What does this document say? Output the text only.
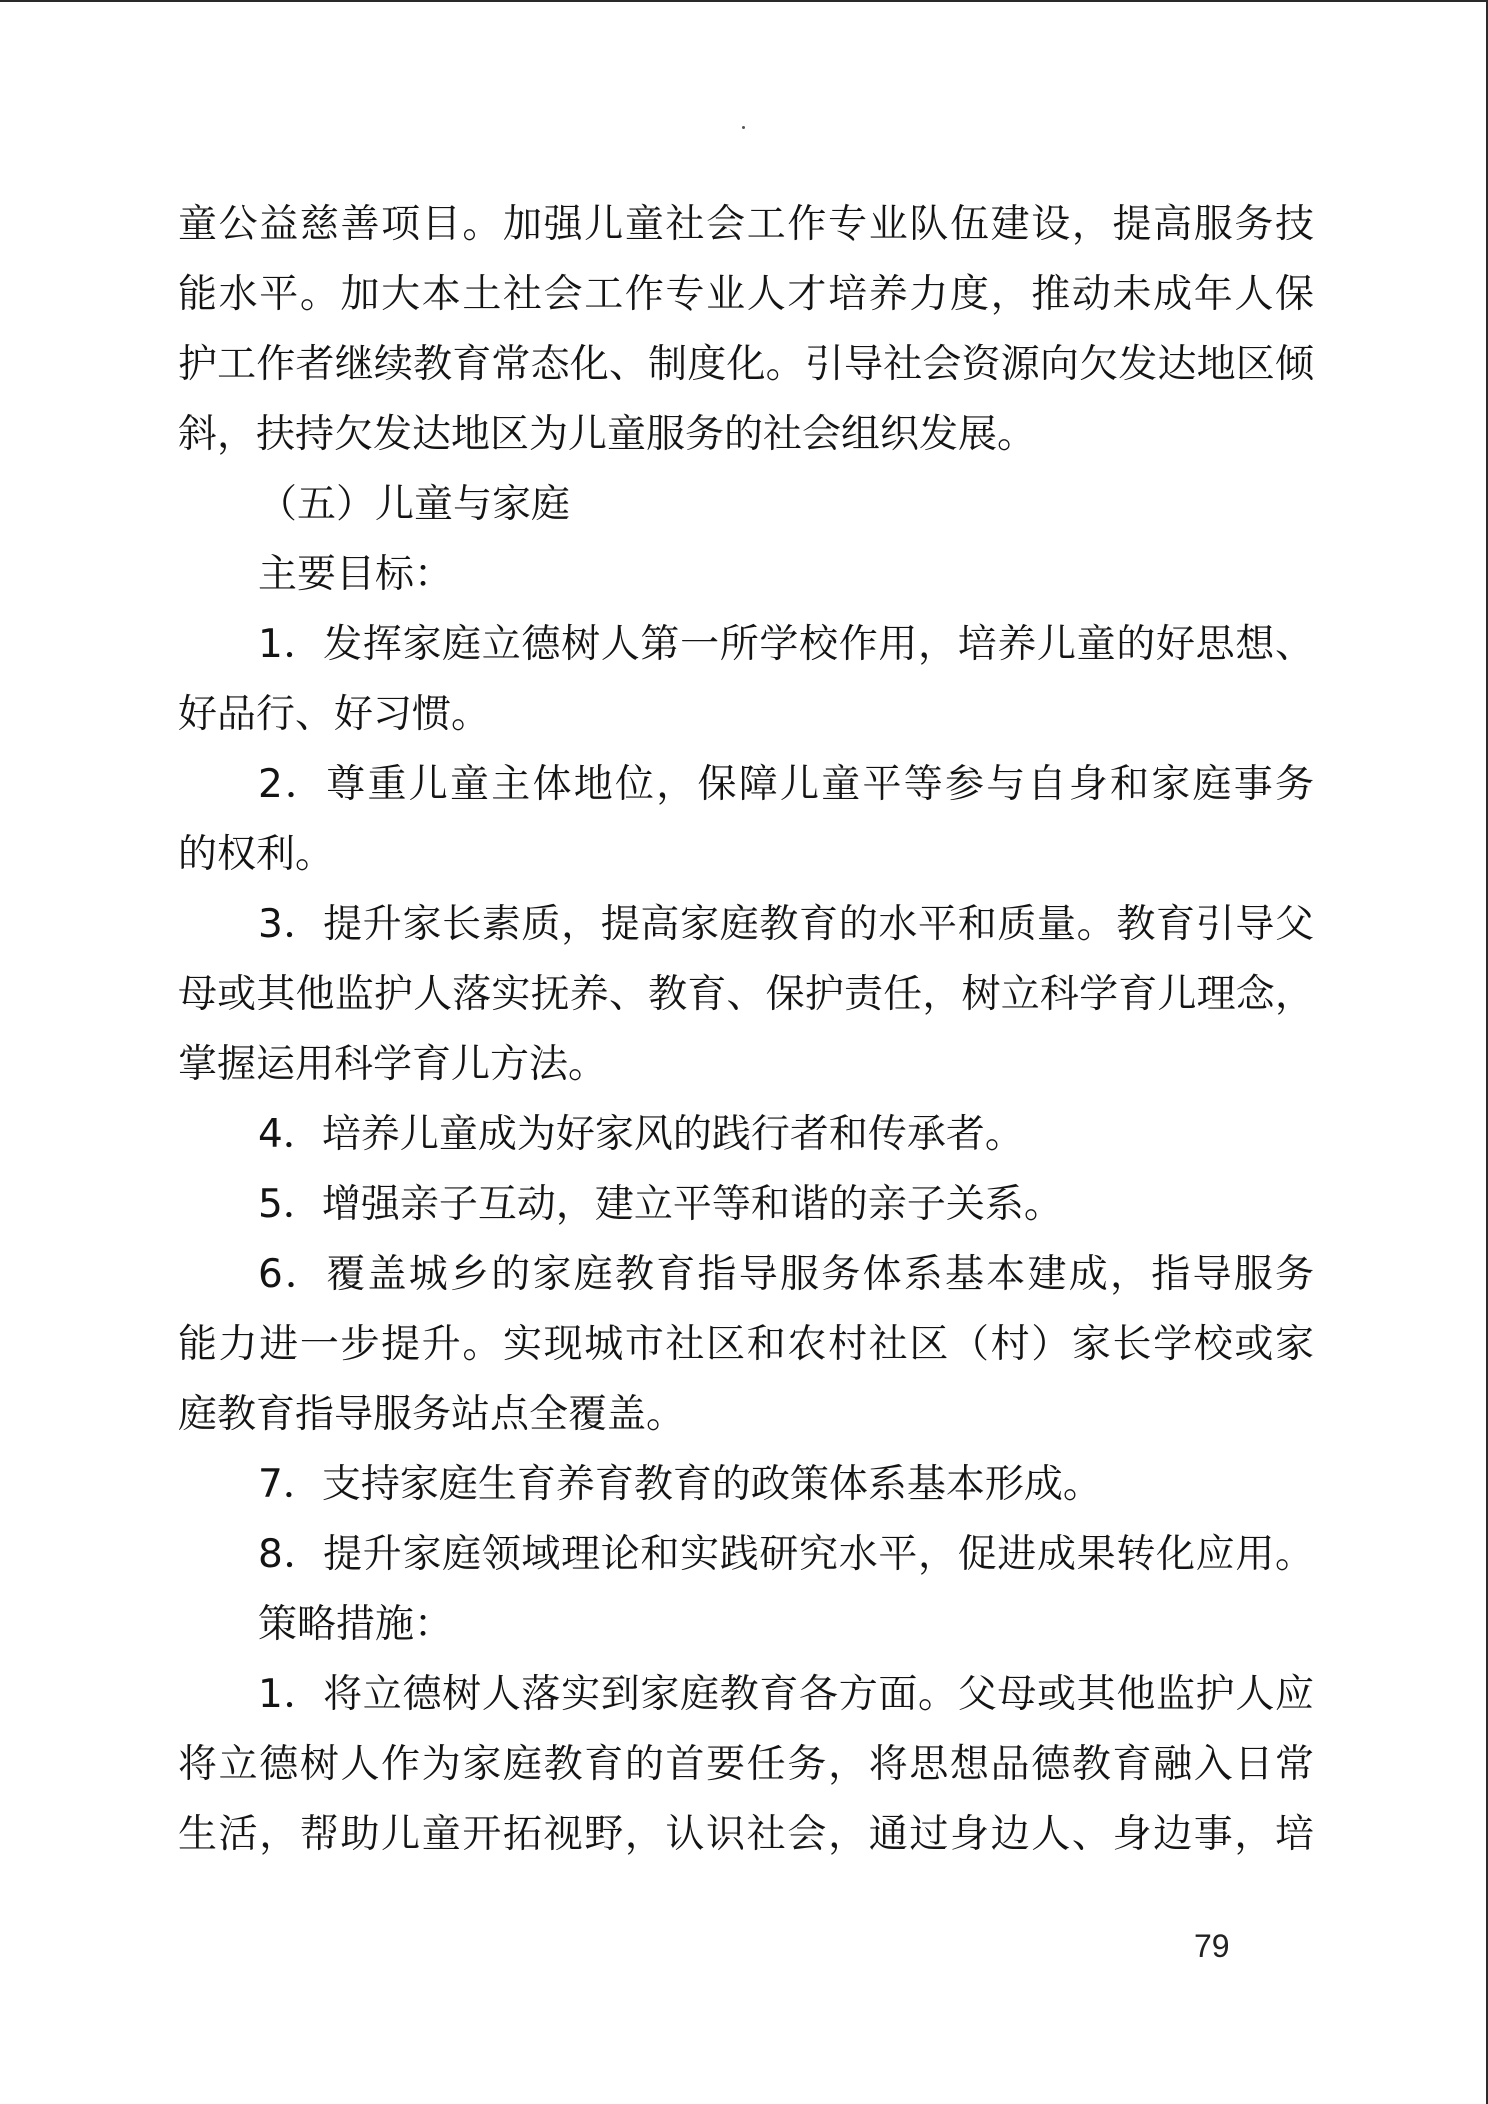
童公益慈善项目。加强儿童社会工作专业队伍建设，提高服务技
能水平。加大本土社会工作专业人才培养力度，推动未成年人保
护工作者继续教育常态化、制度化。引导社会资源向欠发达地区倾
斜，扶持欠发达地区为儿童服务的社会组织发展。
（五）儿童与家庭
主要目标：
1．发挥家庭立德树人第一所学校作用，培养儿童的好思想、
好品行、好习惯。
2．尊重儿童主体地位，保障儿童平等参与自身和家庭事务
的权利。
3．提升家长素质，提高家庭教育的水平和质量。教育引导父
母或其他监护人落实抚养、教育、保护责任，树立科学育儿理念，
掌握运用科学育儿方法。
4．培养儿童成为好家风的践行者和传承者。
5．增强亲子互动，建立平等和谐的亲子关系。
6．覆盖城乡的家庭教育指导服务体系基本建成，指导服务
能力进一步提升。实现城市社区和农村社区（村）家长学校或家
庭教育指导服务站点全覆盖。
7．支持家庭生育养育教育的政策体系基本形成。
8．提升家庭领域理论和实践研究水平，促进成果转化应用。
策略措施：
1．将立德树人落实到家庭教育各方面。父母或其他监护人应
将立德树人作为家庭教育的首要任务，将思想品德教育融入日常
生活，帮助儿童开拓视野，认识社会，通过身边人、身边事，培
79
